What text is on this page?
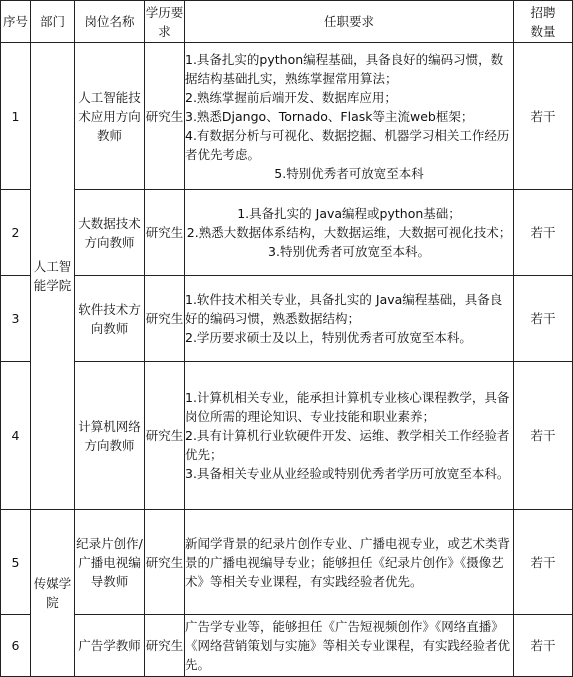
序号	部门	岗位名称	学历要求	任职要求	招聘数量
1	人工智能学院	人工智能技术应用方向教师	研究生	1.具备扎实的python编程基础，具备良好的编码习惯，数据结构基础扎实，熟练掌握常用算法；

2.熟练掌握前后端开发、数据库应用；

3.熟悉Django、Tornado、Flask等主流web框架；

4.有数据分析与可视化、数据挖掘、机器学习相关工作经历者优先考虑。

5.特别优秀者可放宽至本科	若干
2		大数据技术方向教师	研究生	1.具备扎实的 Java编程或python基础；

2.熟悉大数据体系结构，大数据运维，大数据可视化技术；

3.特别优秀者可放宽至本科。	若干
3		软件技术方向教师	研究生	1.软件技术相关专业，具备扎实的 Java编程基础，具备良好的编码习惯，熟悉数据结构；

2.学历要求硕士及以上，特别优秀者可放宽至本科。	若干
4		计算机网络方向教师	研究生	1.计算机相关专业，能承担计算机专业核心课程教学，具备岗位所需的理论知识、专业技能和职业素养；

2.具有计算机行业软硬件开发、运维、教学相关工作经验者优先；

3.具备相关专业从业经验或特别优秀者学历可放宽至本科。	若干
5	传媒学院	纪录片创作/广播电视编导教师	研究生	新闻学背景的纪录片创作专业、广播电视专业，或艺术类背景的广播电视编导专业；能够担任《纪录片创作》《摄像艺术》等相关专业课程，有实践经验者优先。	若干
6		广告学教师	研究生	广告学专业等，能够担任《广告短视频创作》《网络直播》《网络营销策划与实施》等相关专业课程，有实践经验者优先。	若干
